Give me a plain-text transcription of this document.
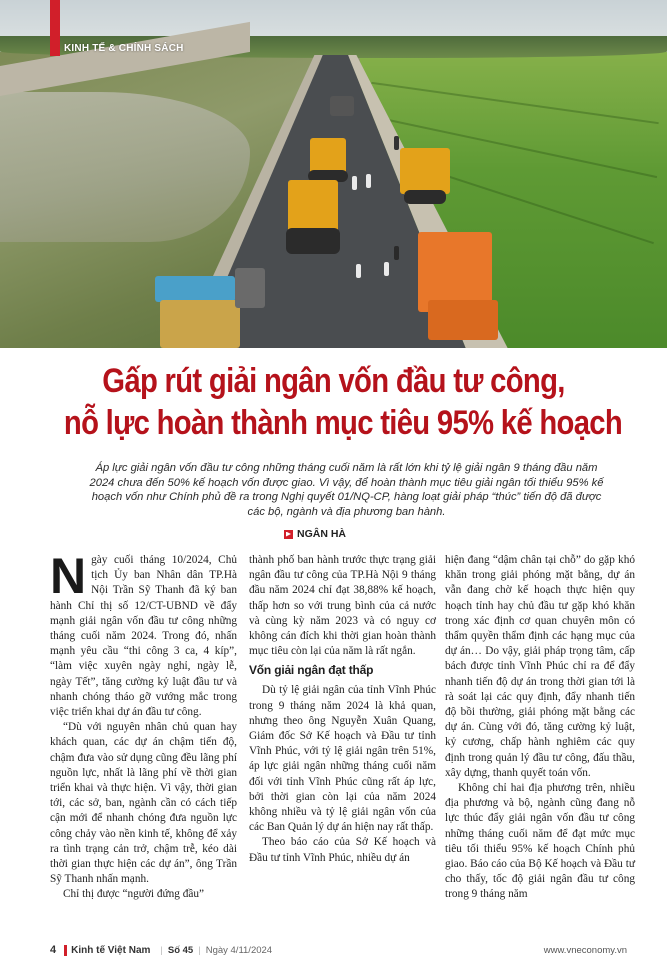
KINH TẾ & CHÍNH SÁCH
Gấp rút giải ngân vốn đầu tư công,
nỗ lực hoàn thành mục tiêu 95% kế hoạch

Áp lực giải ngân vốn đầu tư công những tháng cuối năm là rất lớn khi tỷ lệ giải ngân 9 tháng đầu năm 2024 chưa đến 50% kế hoạch vốn được giao. Vì vậy, để hoàn thành mục tiêu giải ngân tối thiểu 95% kế hoạch vốn như Chính phủ đề ra trong Nghị quyết 01/NQ-CP, hàng loạt giải pháp “thúc” tiến độ đã được các bộ, ngành và địa phương ban hành.

NGÂN HÀ
N gày cuối tháng 10/2024, Chủ tịch Ủy ban Nhân dân TP.Hà Nội Trần Sỹ Thanh đã ký ban hành Chỉ thị số 12/CT-UBND về đẩy mạnh giải ngân vốn đầu tư công những tháng cuối năm 2024. Trong đó, nhấn mạnh yêu cầu “thi công 3 ca, 4 kíp”, “làm việc xuyên ngày nghỉ, ngày lễ, ngày Tết”, tăng cường kỷ luật đầu tư và nhanh chóng tháo gỡ vướng mắc trong việc triển khai dự án đầu tư công.

“Dù với nguyên nhân chủ quan hay khách quan, các dự án chậm tiến độ, chậm đưa vào sử dụng cũng đều lãng phí nguồn lực, nhất là lãng phí về thời gian triển khai và thực hiện. Vì vậy, thời gian tới, các sở, ban, ngành cần có cách tiếp cận mới để nhanh chóng đưa nguồn lực công chảy vào nền kinh tế, không để xảy ra tình trạng cản trở, chậm trễ, kéo dài thời gian thực hiện các dự án”, ông Trần Sỹ Thanh nhấn mạnh.

Chỉ thị được “người đứng đầu”

thành phố ban hành trước thực trạng giải ngân đầu tư công của TP.Hà Nội 9 tháng đầu năm 2024 chỉ đạt 38,88% kế hoạch, thấp hơn so với trung bình của cả nước và cùng kỳ năm 2023 và có nguy cơ không cán đích khi thời gian hoàn thành mục tiêu còn lại của năm là rất ngắn.

Vốn giải ngân đạt thấp

Dù tỷ lệ giải ngân của tỉnh Vĩnh Phúc trong 9 tháng năm 2024 là khả quan, nhưng theo ông Nguyễn Xuân Quang, Giám đốc Sở Kế hoạch và Đầu tư tỉnh Vĩnh Phúc, với tỷ lệ giải ngân trên 51%, áp lực giải ngân những tháng cuối năm đối với tỉnh Vĩnh Phúc cũng rất áp lực, bởi thời gian còn lại của năm 2024 không nhiều và tỷ lệ giải ngân vốn của các Ban Quản lý dự án hiện nay rất thấp.

Theo báo cáo của Sở Kế hoạch và Đầu tư tỉnh Vĩnh Phúc, nhiều dự án

hiện đang “dậm chân tại chỗ” do gặp khó khăn trong giải phóng mặt bằng, dự án vẫn đang chờ kế hoạch thực hiện quy hoạch tỉnh hay chủ đầu tư gặp khó khăn trong xác định cơ quan chuyên môn có thẩm quyền thẩm định các hạng mục của dự án… Do vậy, giải pháp trọng tâm, cấp bách được tỉnh Vĩnh Phúc chỉ ra để đẩy nhanh tiến độ dự án trong thời gian tới là rà soát lại các quy định, đẩy nhanh tiến độ bồi thường, giải phóng mặt bằng các dự án. Cùng với đó, tăng cường kỷ luật, kỷ cương, chấp hành nghiêm các quy định trong quản lý đầu tư công, đấu thầu, xây dựng, thanh quyết toán vốn.

Không chỉ hai địa phương trên, nhiều địa phương và bộ, ngành cũng đang nỗ lực thúc đẩy giải ngân vốn đầu tư công những tháng cuối năm để đạt mức mục tiêu tối thiểu 95% kế hoạch Chính phủ giao. Báo cáo của Bộ Kế hoạch và Đầu tư cho thấy, tốc độ giải ngân đầu tư công trong 9 tháng năm

4 Kinh tế Việt Nam | Số 45 | Ngày 4/11/2024	www.vneconomy.vn
